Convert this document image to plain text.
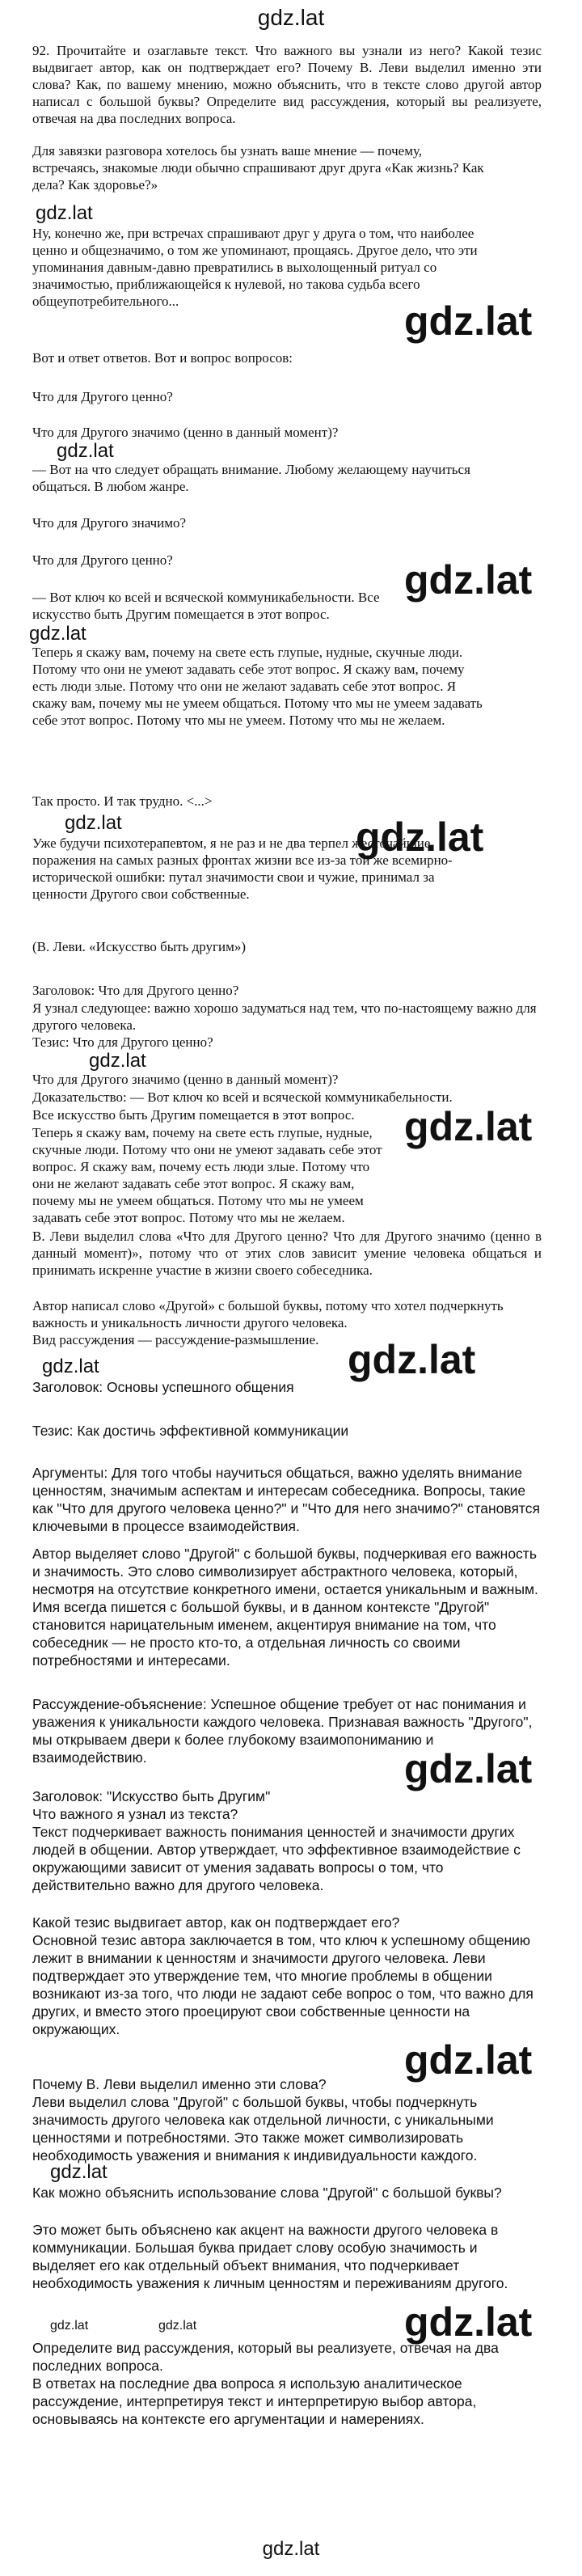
gdz.lat

92. Прочитайте и озаглавьте текст. Что важного вы узнали из него? Какой тезис выдвигает автор, как он подтверждает его? Почему В. Леви выделил именно эти слова? Как, по вашему мнению, можно объяснить, что в тексте слово другой автор написал с большой буквы? Определите вид рассуждения, который вы реализуете, отвечая на два последних вопроса.

Для завязки разговора хотелось бы узнать ваше мнение — почему, встречаясь, знакомые люди обычно спрашивают друг друга «Как жизнь? Как дела? Как здоровье?»

gdz.lat

Ну, конечно же, при встречах спрашивают друг у друга о том, что наиболее ценно и общезначимо, о том же упоминают, прощаясь. Другое дело, что эти упоминания давным-давно превратились в выхолощенный ритуал со значимостью, приближающейся к нулевой, но такова судьба всего общеупотребительного...	gdz.lat

Вот и ответ ответов. Вот и вопрос вопросов:

Что для Другого ценно?

Что для Другого значимо (ценно в данный момент)?

gdz.lat

— Вот на что следует обращать внимание. Любому желающему научиться общаться. В любом жанре.

Что для Другого значимо?

Что для Другого ценно?	gdz.lat

— Вот ключ ко всей и всяческой коммуникабельности. Все искусство быть Другим помещается в этот вопрос.

gdz.lat

Теперь я скажу вам, почему на свете есть глупые, нудные, скучные люди. Потому что они не умеют задавать себе этот вопрос. Я скажу вам, почему есть люди злые. Потому что они не желают задавать себе этот вопрос. Я скажу вам, почему мы не умеем общаться. Потому что мы не умеем задавать себе этот вопрос. Потому что мы не умеем. Потому что мы не желаем.

Так просто. И так трудно. <...>

gdz.lat	gdz.lat

Уже будучи психотерапевтом, я не раз и не два терпел жесточайшие поражения на самых разных фронтах жизни все из-за той же всемирно-исторической ошибки: путал значимости свои и чужие, принимал за ценности Другого свои собственные.

(В. Леви. «Искусство быть другим»)

Заголовок: Что для Другого ценно?

Я узнал следующее: важно хорошо задуматься над тем, что по-настоящему важно для другого человека.

Тезис: Что для Другого ценно?

gdz.lat

Что для Другого значимо (ценно в данный момент)?

Доказательство: — Вот ключ ко всей и всяческой коммуникабельности.

Все искусство быть Другим помещается в этот вопрос.	gdz.lat

Теперь я скажу вам, почему на свете есть глупые, нудные, скучные люди. Потому что они не умеют задавать себе этот вопрос. Я скажу вам, почему есть люди злые. Потому что они не желают задавать себе этот вопрос. Я скажу вам, почему мы не умеем общаться. Потому что мы не умеем задавать себе этот вопрос. Потому что мы не желаем.

В. Леви выделил слова «Что для Другого ценно? Что для Другого значимо (ценно в данный момент)», потому что от этих слов зависит умение человека общаться и принимать искренне участие в жизни своего собеседника.

Автор написал слово «Другой» с большой буквы, потому что хотел подчеркнуть важность и уникальность личности другого человека.

Вид рассуждения — рассуждение-размышление.

gdz.lat	gdz.lat

Заголовок: Основы успешного общения

Тезис: Как достичь эффективной коммуникации

Аргументы: Для того чтобы научиться общаться, важно уделять внимание ценностям, значимым аспектам и интересам собеседника. Вопросы, такие как "Что для другого человека ценно?" и "Что для него значимо?" становятся ключевыми в процессе взаимодействия.

Автор выделяет слово "Другой" с большой буквы, подчеркивая его важность и значимость. Это слово символизирует абстрактного человека, который, несмотря на отсутствие конкретного имени, остается уникальным и важным. Имя всегда пишется с большой буквы, и в данном контексте "Другой" становится нарицательным именем, акцентируя внимание на том, что собеседник — не просто кто-то, а отдельная личность со своими потребностями и интересами.

Рассуждение-объяснение: Успешное общение требует от нас понимания и уважения к уникальности каждого человека. Признавая важность "Другого", мы открываем двери к более глубокому взаимопониманию и взаимодействию.	gdz.lat

Заголовок: "Искусство быть Другим"

Что важного я узнал из текста?

Текст подчеркивает важность понимания ценностей и значимости других людей в общении. Автор утверждает, что эффективное взаимодействие с окружающими зависит от умения задавать вопросы о том, что действительно важно для другого человека.

Какой тезис выдвигает автор, как он подтверждает его?

Основной тезис автора заключается в том, что ключ к успешному общению лежит в внимании к ценностям и значимости другого человека. Леви подтверждает это утверждение тем, что многие проблемы в общении возникают из-за того, что люди не задают себе вопрос о том, что важно для других, и вместо этого проецируют свои собственные ценности на окружающих.

gdz.lat

Почему В. Леви выделил именно эти слова?

Леви выделил слова "Другой" с большой буквы, чтобы подчеркнуть значимость другого человека как отдельной личности, с уникальными ценностями и потребностями. Это также может символизировать необходимость уважения и внимания к индивидуальности каждого.

gdz.lat

Как можно объяснить использование слова "Другой" с большой буквы?

Это может быть объяснено как акцент на важности другого человека в коммуникации. Большая буква придает слову особую значимость и выделяет его как отдельный объект внимания, что подчеркивает необходимость уважения к личным ценностям и переживаниям другого.

gdz.lat	gdz.lat	gdz.lat

Определите вид рассуждения, который вы реализуете, отвечая на два последних вопроса.

В ответах на последние два вопроса я использую аналитическое рассуждение, интерпретируя текст и интерпретирую выбор автора, основываясь на контексте его аргументации и намерениях.

gdz.lat
